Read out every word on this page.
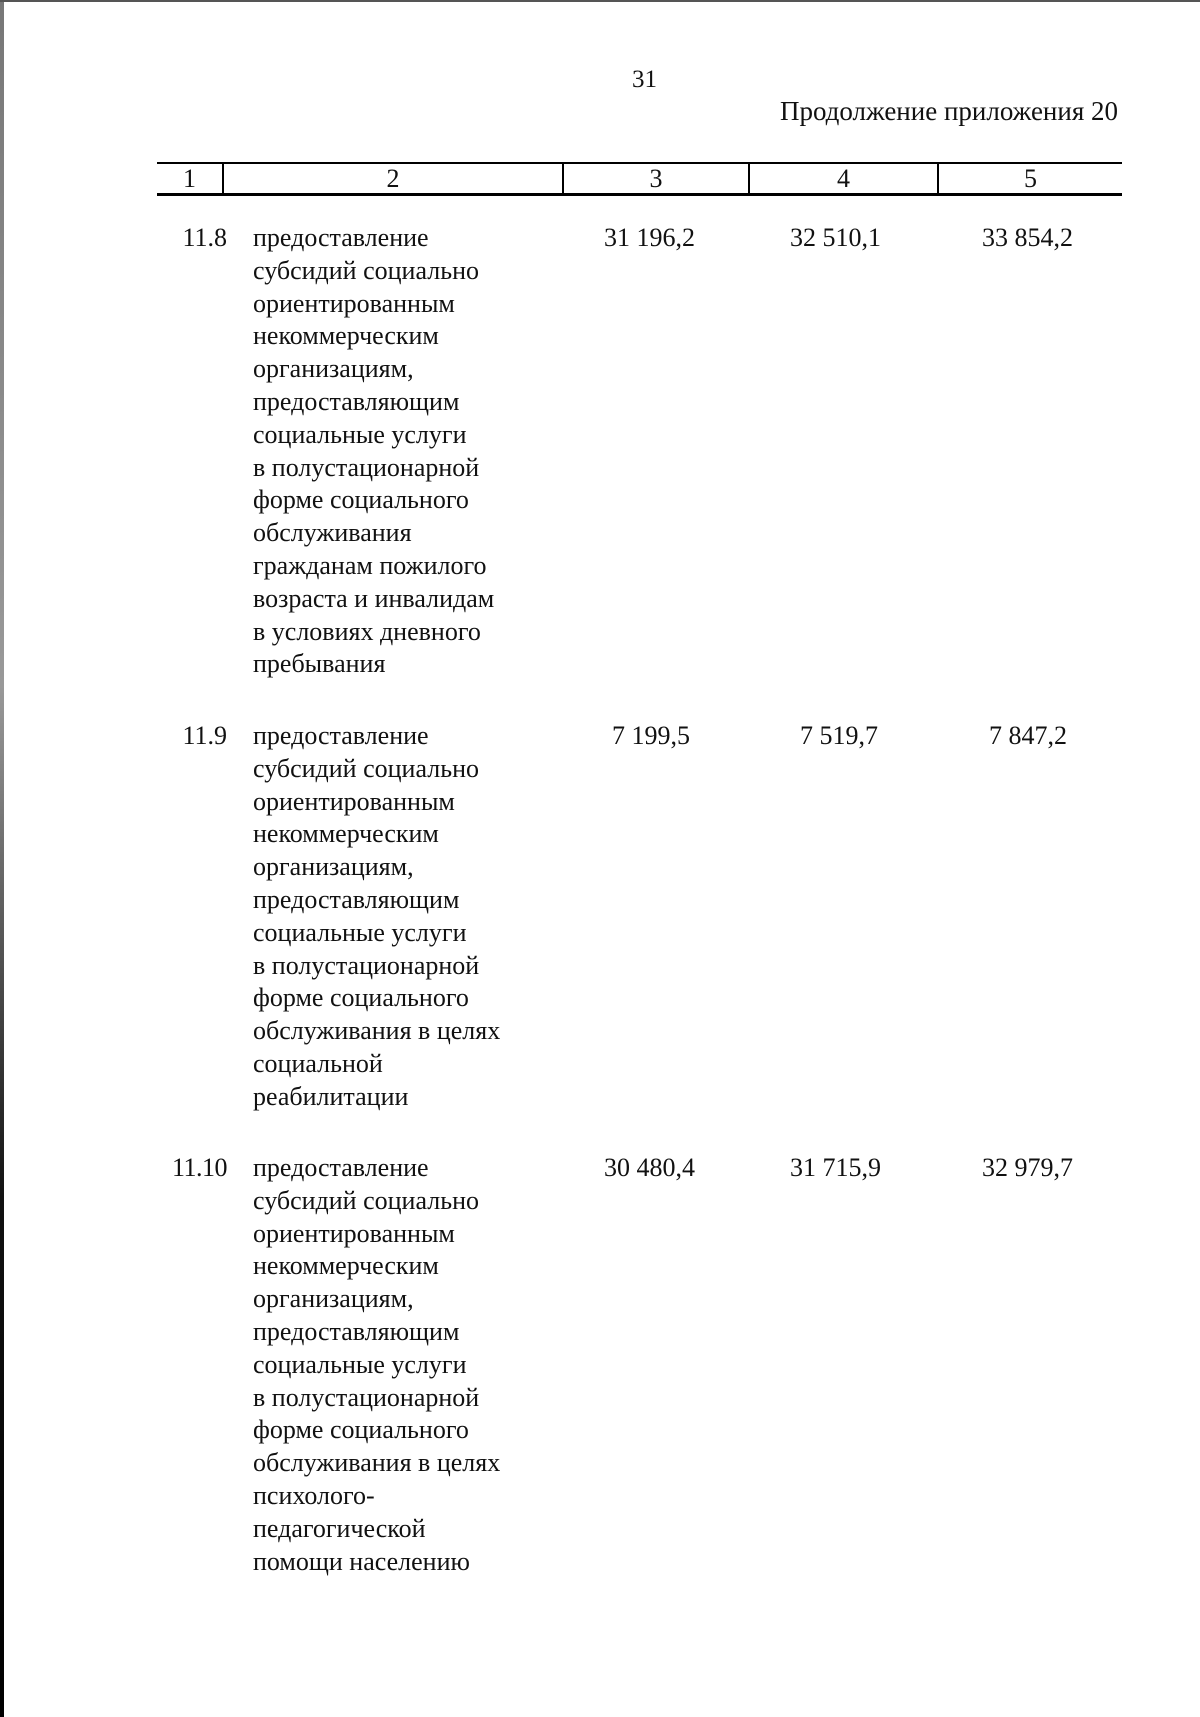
31
Продолжение приложения 20
1	2	3	4	5
11.8 предоставление
субсидий социально
ориентированным
некоммерческим
организациям,
предоставляющим
социальные услуги
в полустационарной
форме социального
обслуживания
гражданам пожилого
возраста и инвалидам
в условиях дневного
пребывания
31 196,2	32 510,1	33 854,2
11.9 предоставление
субсидий социально
ориентированным
некоммерческим
организациям,
предоставляющим
социальные услуги
в полустационарной
форме социального
обслуживания в целях
социальной
реабилитации
7 199,5	7 519,7	7 847,2
11.10 предоставление
субсидий социально
ориентированным
некоммерческим
организациям,
предоставляющим
социальные услуги
в полустационарной
форме социального
обслуживания в целях
психолого-
педагогической
помощи населению
30 480,4	31 715,9	32 979,7
